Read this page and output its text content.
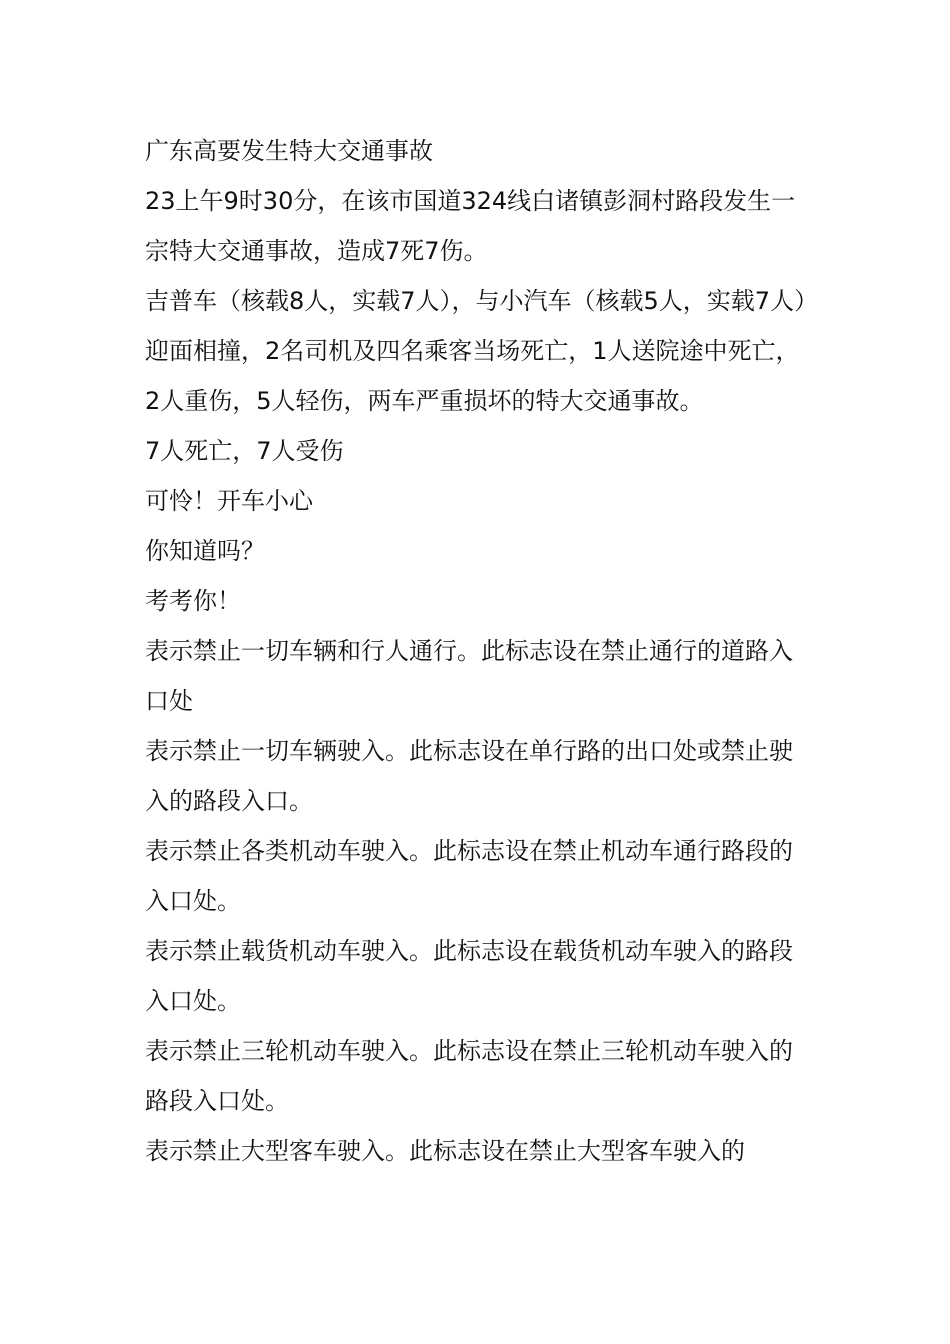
广东高要发生特大交通事故

23上午9时30分，在该市国道324线白诸镇彭洞村路段发生一宗特大交通事故，造成7死7伤。

吉普车（核载8人，实载7人），与小汽车（核载5人，实载7人）迎面相撞，2名司机及四名乘客当场死亡，1人送院途中死亡，2人重伤，5人轻伤，两车严重损坏的特大交通事故。

7人死亡，7人受伤

可怜！开车小心

你知道吗？

考考你！

表示禁止一切车辆和行人通行。此标志设在禁止通行的道路入口处

表示禁止一切车辆驶入。此标志设在单行路的出口处或禁止驶入的路段入口。

表示禁止各类机动车驶入。此标志设在禁止机动车通行路段的入口处。

表示禁止载货机动车驶入。此标志设在载货机动车驶入的路段入口处。

表示禁止三轮机动车驶入。此标志设在禁止三轮机动车驶入的路段入口处。

表示禁止大型客车驶入。此标志设在禁止大型客车驶入的
